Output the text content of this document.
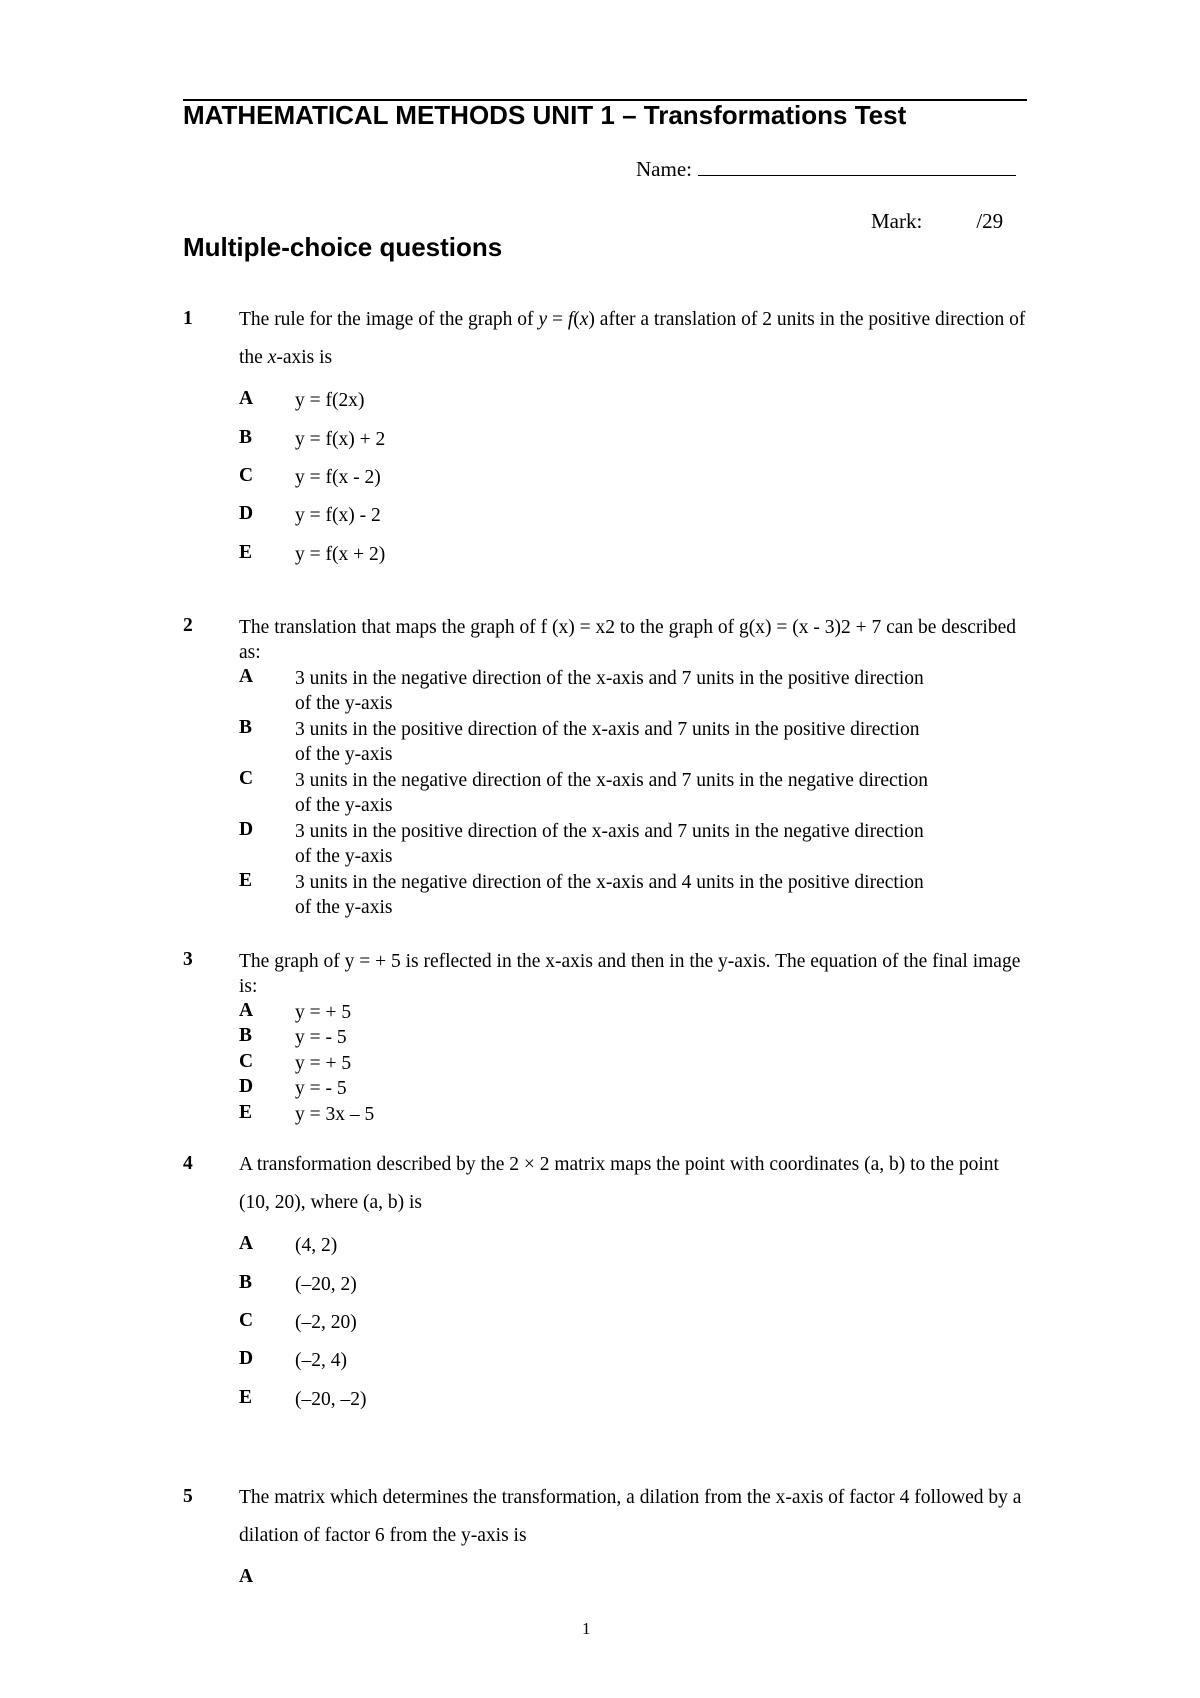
MATHEMATICAL METHODS UNIT 1 – Transformations Test
Name:
Mark:	/29
Multiple-choice questions
1 The rule for the image of the graph of y = f(x) after a translation of 2 units in the positive direction of the x-axis is
A y = f(2x)
B y = f(x) + 2
C y = f(x - 2)
D y = f(x) - 2
E y = f(x + 2)
2 The translation that maps the graph of f (x) = x2 to the graph of g(x) = (x - 3)2 + 7 can be described as:
A 3 units in the negative direction of the x-axis and 7 units in the positive direction
of the y-axis
B 3 units in the positive direction of the x-axis and 7 units in the positive direction
of the y-axis
C 3 units in the negative direction of the x-axis and 7 units in the negative direction
of the y-axis
D 3 units in the positive direction of the x-axis and 7 units in the negative direction
of the y-axis
E 3 units in the negative direction of the x-axis and 4 units in the positive direction
of the y-axis
3 The graph of y = + 5 is reflected in the x-axis and then in the y-axis. The equation of the final image is:
A y = + 5
B y = - 5
C y = + 5
D y = - 5
E y = 3x – 5
4 A transformation described by the 2 × 2 matrix maps the point with coordinates (a, b) to the point (10, 20), where (a, b) is
A (4, 2)
B (–20, 2)
C (–2, 20)
D (–2, 4)
E (–20, –2)
5 The matrix which determines the transformation, a dilation from the x-axis of factor 4 followed by a dilation of factor 6 from the y-axis is
A
1
